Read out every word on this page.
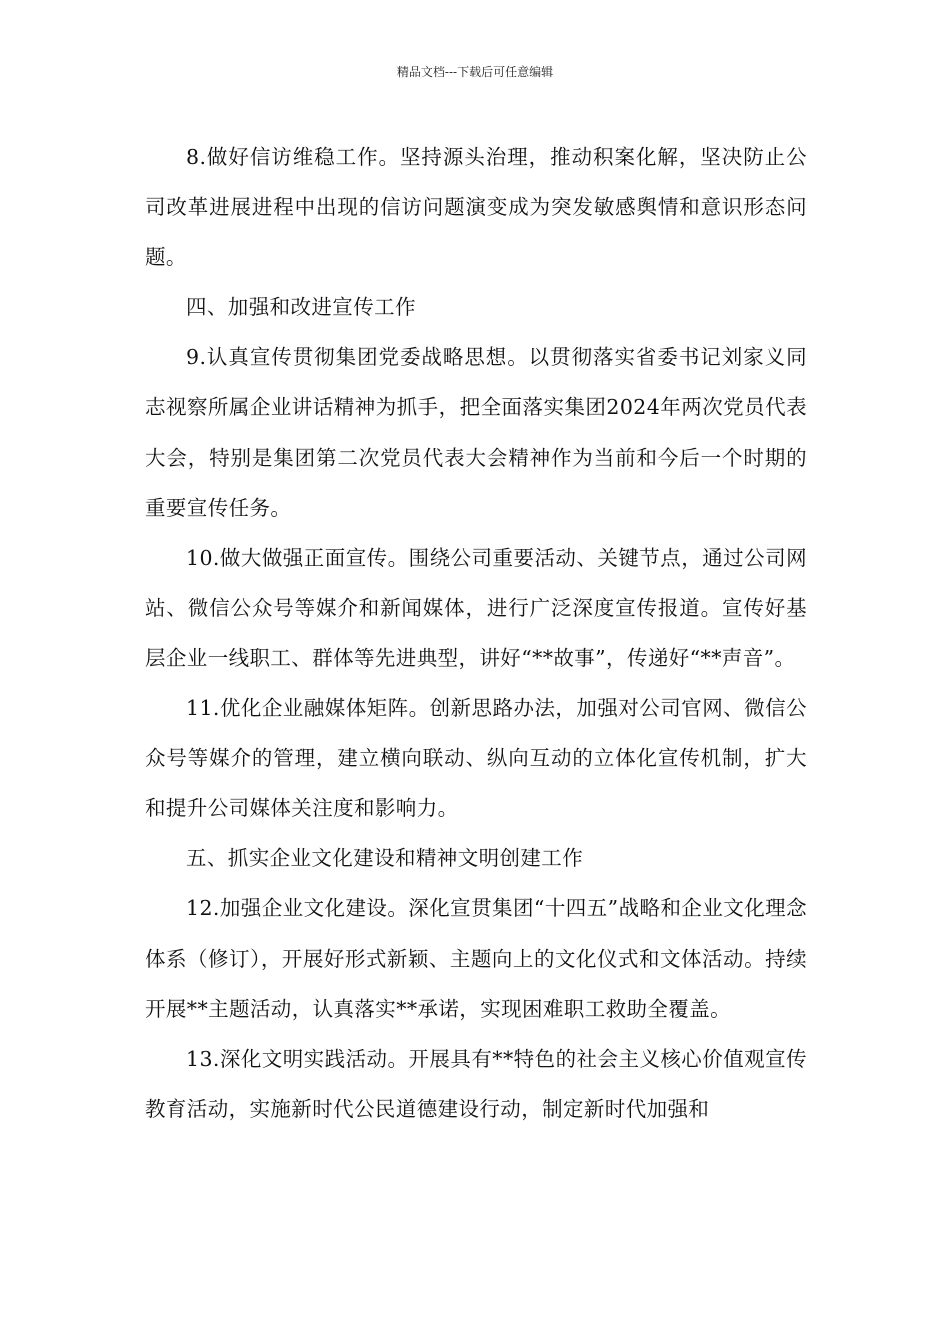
精品文档---下载后可任意编辑

8.做好信访维稳工作。坚持源头治理，推动积案化解，坚决防止公司改革进展进程中出现的信访问题演变成为突发敏感舆情和意识形态问题。

四、加强和改进宣传工作

9.认真宣传贯彻集团党委战略思想。以贯彻落实省委书记刘家义同志视察所属企业讲话精神为抓手，把全面落实集团2024年两次党员代表大会，特别是集团第二次党员代表大会精神作为当前和今后一个时期的重要宣传任务。

10.做大做强正面宣传。围绕公司重要活动、关键节点，通过公司网站、微信公众号等媒介和新闻媒体，进行广泛深度宣传报道。宣传好基层企业一线职工、群体等先进典型，讲好“**故事”，传递好“**声音”。

11.优化企业融媒体矩阵。创新思路办法，加强对公司官网、微信公众号等媒介的管理，建立横向联动、纵向互动的立体化宣传机制，扩大和提升公司媒体关注度和影响力。

五、抓实企业文化建设和精神文明创建工作

12.加强企业文化建设。深化宣贯集团“十四五”战略和企业文化理念体系（修订），开展好形式新颖、主题向上的文化仪式和文体活动。持续开展**主题活动，认真落实**承诺，实现困难职工救助全覆盖。

13.深化文明实践活动。开展具有**特色的社会主义核心价值观宣传教育活动，实施新时代公民道德建设行动，制定新时代加强和
